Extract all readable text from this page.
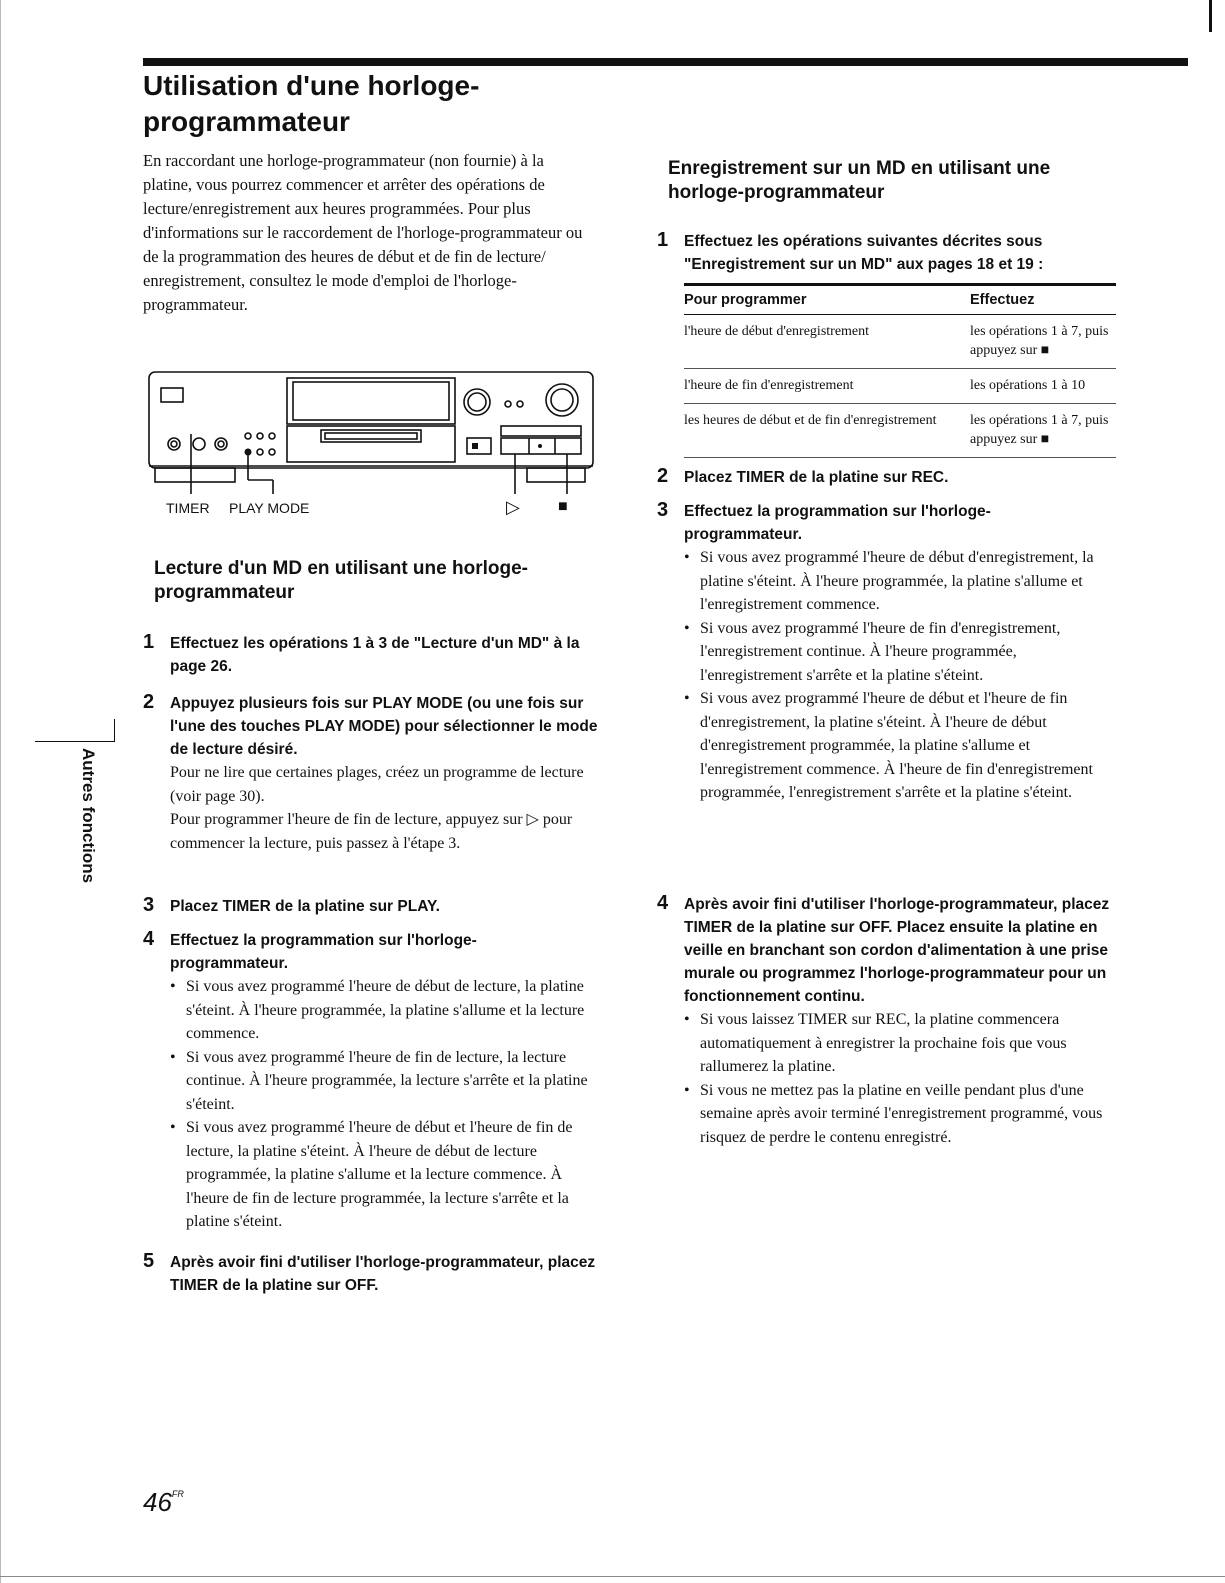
Utilisation d'une horloge-
programmateur
En raccordant une horloge-programmateur (non fournie) à la platine, vous pourrez commencer et arrêter des opérations de lecture/enregistrement aux heures programmées. Pour plus d'informations sur le raccordement de l'horloge-programmateur ou de la programmation des heures de début et de fin de lecture/ enregistrement, consultez le mode d'emploi de l'horloge-programmateur.
TIMER PLAY MODE	▷ ■
Lecture d'un MD en utilisant une horloge-programmateur
1 Effectuez les opérations 1 à 3 de "Lecture d'un MD" à la page 26.
2 Appuyez plusieurs fois sur PLAY MODE (ou une fois sur l'une des touches PLAY MODE) pour sélectionner le mode de lecture désiré.
Pour ne lire que certaines plages, créez un programme de lecture (voir page 30).
Pour programmer l'heure de fin de lecture, appuyez sur ▷ pour commencer la lecture, puis passez à l'étape 3.
3 Placez TIMER de la platine sur PLAY.
4 Effectuez la programmation sur l'horloge-programmateur.
• Si vous avez programmé l'heure de début de lecture, la platine s'éteint. À l'heure programmée, la platine s'allume et la lecture commence.
• Si vous avez programmé l'heure de fin de lecture, la lecture continue. À l'heure programmée, la lecture s'arrête et la platine s'éteint.
• Si vous avez programmé l'heure de début et l'heure de fin de lecture, la platine s'éteint. À l'heure de début de lecture programmée, la platine s'allume et la lecture commence. À l'heure de fin de lecture programmée, la lecture s'arrête et la platine s'éteint.
5 Après avoir fini d'utiliser l'horloge-programmateur, placez TIMER de la platine sur OFF.
Enregistrement sur un MD en utilisant une horloge-programmateur
1 Effectuez les opérations suivantes décrites sous "Enregistrement sur un MD" aux pages 18 et 19 :
Pour programmer	Effectuez
l'heure de début d'enregistrement	les opérations 1 à 7, puis appuyez sur ■
l'heure de fin d'enregistrement	les opérations 1 à 10
les heures de début et de fin d'enregistrement	les opérations 1 à 7, puis appuyez sur ■
2 Placez TIMER de la platine sur REC.
3 Effectuez la programmation sur l'horloge-programmateur.
• Si vous avez programmé l'heure de début d'enregistrement, la platine s'éteint. À l'heure programmée, la platine s'allume et l'enregistrement commence.
• Si vous avez programmé l'heure de fin d'enregistrement, l'enregistrement continue. À l'heure programmée, l'enregistrement s'arrête et la platine s'éteint.
• Si vous avez programmé l'heure de début et l'heure de fin d'enregistrement, la platine s'éteint. À l'heure de début d'enregistrement programmée, la platine s'allume et l'enregistrement commence. À l'heure de fin d'enregistrement programmée, l'enregistrement s'arrête et la platine s'éteint.
4 Après avoir fini d'utiliser l'horloge-programmateur, placez TIMER de la platine sur OFF. Placez ensuite la platine en veille en branchant son cordon d'alimentation à une prise murale ou programmez l'horloge-programmateur pour un fonctionnement continu.
• Si vous laissez TIMER sur REC, la platine commencera automatiquement à enregistrer la prochaine fois que vous rallumerez la platine.
• Si vous ne mettez pas la platine en veille pendant plus d'une semaine après avoir terminé l'enregistrement programmé, vous risquez de perdre le contenu enregistré.
Autres fonctions
$46^{FR}$
